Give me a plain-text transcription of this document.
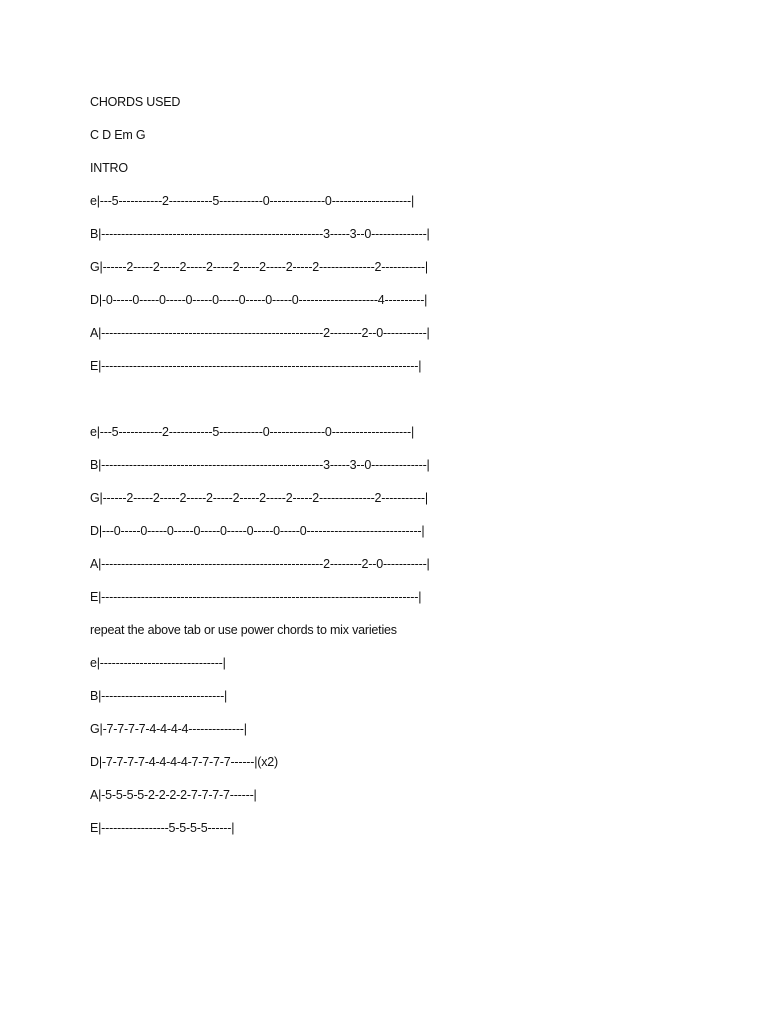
CHORDS USED
C D Em G
INTRO
e|---5-----------2-----------5-----------0--------------0--------------------|
B|--------------------------------------------------------3-----3--0--------------|
G|------2-----2-----2-----2-----2-----2-----2-----2--------------2-----------|
D|-0-----0-----0-----0-----0-----0-----0-----0--------------------4----------|
A|--------------------------------------------------------2--------2--0-----------|
E|--------------------------------------------------------------------------------|
e|---5-----------2-----------5-----------0--------------0--------------------|
B|--------------------------------------------------------3-----3--0--------------|
G|------2-----2-----2-----2-----2-----2-----2-----2--------------2-----------|
D|---0-----0-----0-----0-----0-----0-----0-----0-----------------------------|
A|--------------------------------------------------------2--------2--0-----------|
E|--------------------------------------------------------------------------------|
repeat the above tab or use power chords to mix varieties
e|-------------------------------|
B|-------------------------------|
G|-7-7-7-7-4-4-4-4--------------|
D|-7-7-7-7-4-4-4-4-7-7-7-7------|(x2)
A|-5-5-5-5-2-2-2-2-7-7-7-7------|
E|-----------------5-5-5-5------|
